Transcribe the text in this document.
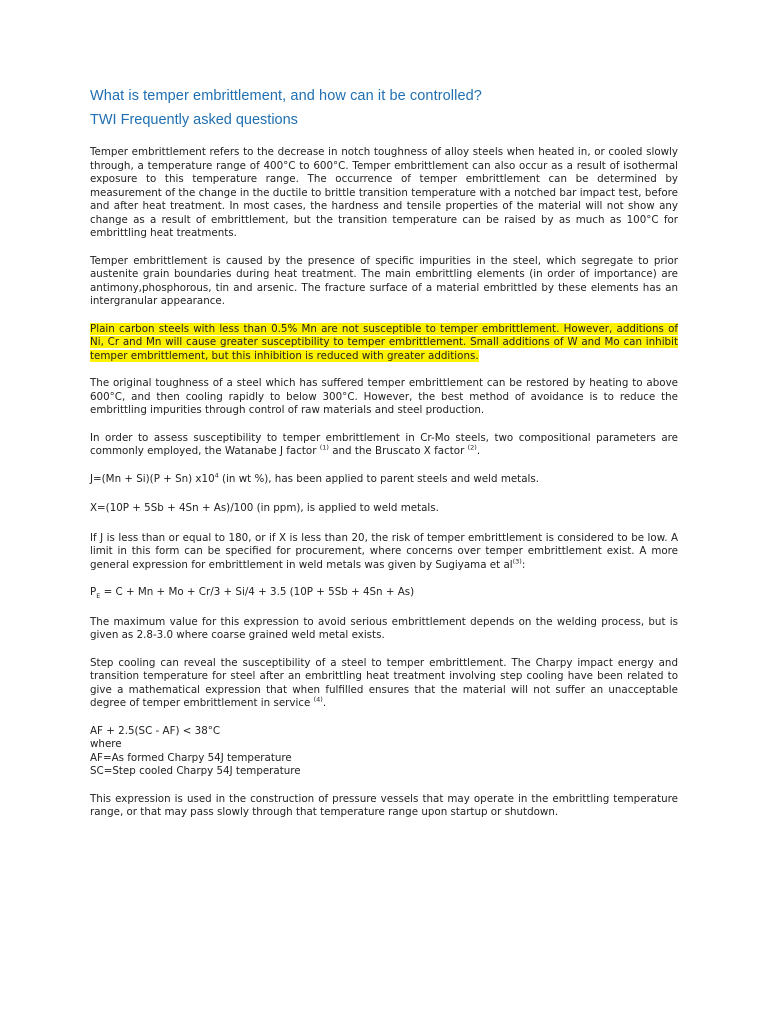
What is temper embrittlement, and how can it be controlled?
TWI Frequently asked questions

Temper embrittlement refers to the decrease in notch toughness of alloy steels when heated in, or cooled slowly through, a temperature range of 400°C to 600°C. Temper embrittlement can also occur as a result of isothermal exposure to this temperature range. The occurrence of temper embrittlement can be determined by measurement of the change in the ductile to brittle transition temperature with a notched bar impact test, before and after heat treatment. In most cases, the hardness and tensile properties of the material will not show any change as a result of embrittlement, but the transition temperature can be raised by as much as 100°C for embrittling heat treatments.

Temper embrittlement is caused by the presence of specific impurities in the steel, which segregate to prior austenite grain boundaries during heat treatment. The main embrittling elements (in order of importance) are antimony,phosphorous, tin and arsenic. The fracture surface of a material embrittled by these elements has an intergranular appearance.

Plain carbon steels with less than 0.5% Mn are not susceptible to temper embrittlement. However, additions of Ni, Cr and Mn will cause greater susceptibility to temper embrittlement. Small additions of W and Mo can inhibit temper embrittlement, but this inhibition is reduced with greater additions.

The original toughness of a steel which has suffered temper embrittlement can be restored by heating to above 600°C, and then cooling rapidly to below 300°C. However, the best method of avoidance is to reduce the embrittling impurities through control of raw materials and steel production.

In order to assess susceptibility to temper embrittlement in Cr-Mo steels, two compositional parameters are commonly employed, the Watanabe J factor $^{(1)}$ and the Bruscato X factor $^{(2)}$.

J=(Mn + Si)(P + Sn) $x10^4$ (in wt %), has been applied to parent steels and weld metals.
X=(10P + 5Sb + 4Sn + As)/100 (in ppm), is applied to weld metals.

If J is less than or equal to 180, or if X is less than 20, the risk of temper embrittlement is considered to be low. A limit in this form can be specified for procurement, where concerns over temper embrittlement exist. A more general expression for embrittlement in weld metals was given by Sugiyama et $al^{(3)}$:

$P_E = C + Mn + Mo + Cr/3 + Si/4 + 3.5$ (10P + 5Sb + 4Sn + As)

The maximum value for this expression to avoid serious embrittlement depends on the welding process, but is given as 2.8-3.0 where coarse grained weld metal exists.

Step cooling can reveal the susceptibility of a steel to temper embrittlement. The Charpy impact energy and transition temperature for steel after an embrittling heat treatment involving step cooling have been related to give a mathematical expression that when fulfilled ensures that the material will not suffer an unacceptable degree of temper embrittlement in service $^{(4)}$.

AF + 2.5(SC - AF) < 38°C

where

AF=As formed Charpy 54J temperature

SC=Step cooled Charpy 54J temperature

This expression is used in the construction of pressure vessels that may operate in the embrittling temperature range, or that may pass slowly through that temperature range upon startup or shutdown.
